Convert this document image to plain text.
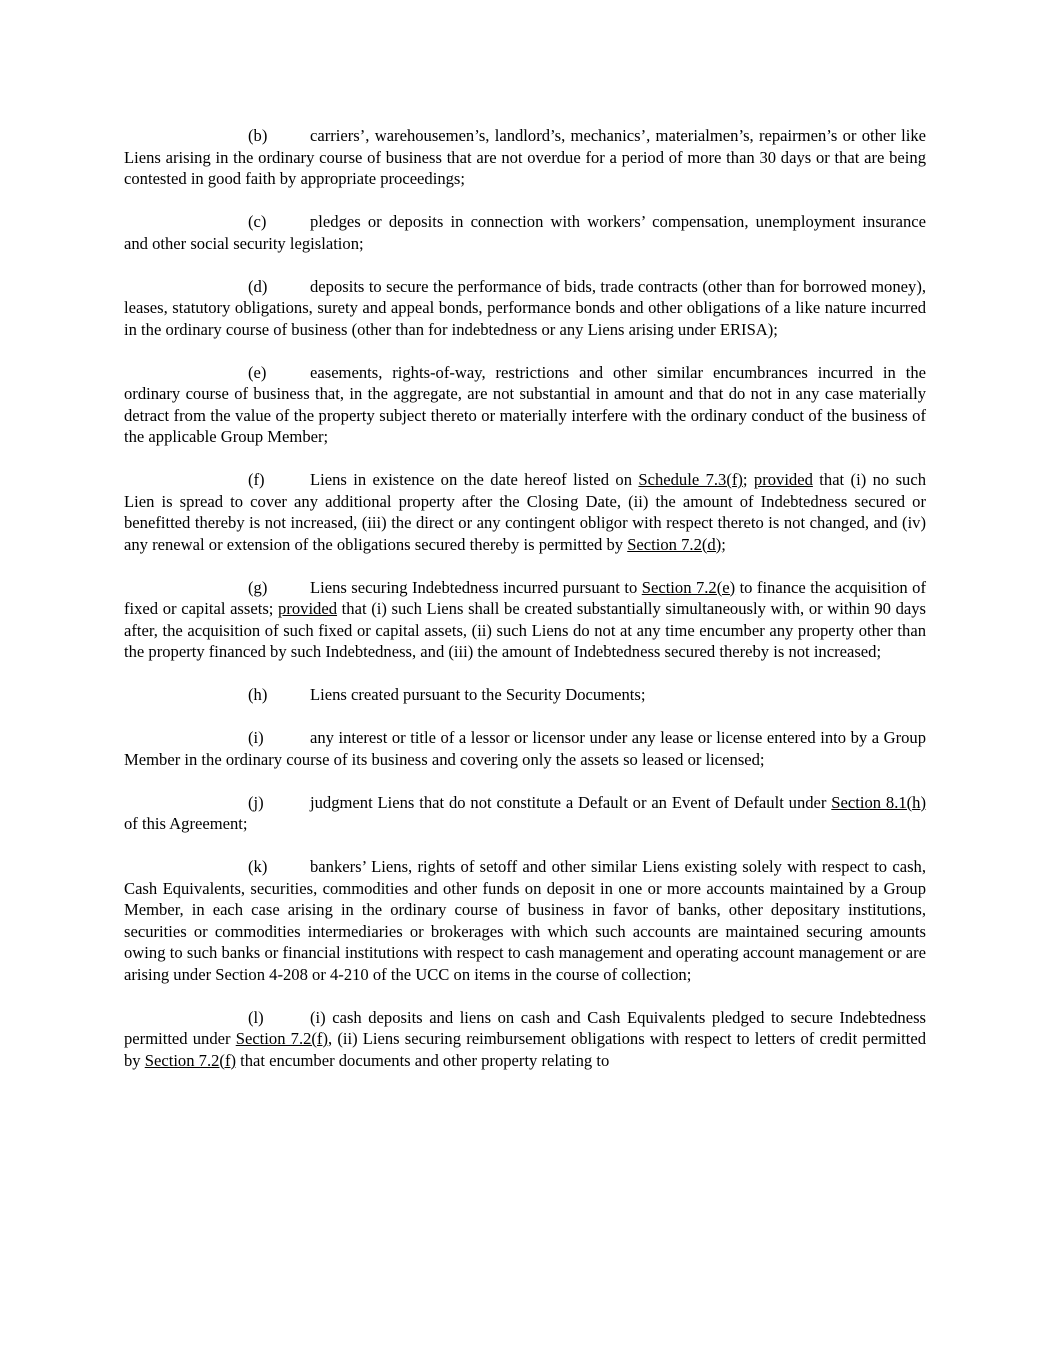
(b)	carriers’, warehousemen’s, landlord’s, mechanics’, materialmen’s, repairmen’s or other like Liens arising in the ordinary course of business that are not overdue for a period of more than 30 days or that are being contested in good faith by appropriate proceedings;

(c)	pledges or deposits in connection with workers’ compensation, unemployment insurance and other social security legislation;

(d)	deposits to secure the performance of bids, trade contracts (other than for borrowed money), leases, statutory obligations, surety and appeal bonds, performance bonds and other obligations of a like nature incurred in the ordinary course of business (other than for indebtedness or any Liens arising under ERISA);

(e)	easements, rights-of-way, restrictions and other similar encumbrances incurred in the ordinary course of business that, in the aggregate, are not substantial in amount and that do not in any case materially detract from the value of the property subject thereto or materially interfere with the ordinary conduct of the business of the applicable Group Member;

(f)	Liens in existence on the date hereof listed on Schedule 7.3(f); provided that (i) no such Lien is spread to cover any additional property after the Closing Date, (ii) the amount of Indebtedness secured or benefitted thereby is not increased, (iii) the direct or any contingent obligor with respect thereto is not changed, and (iv) any renewal or extension of the obligations secured thereby is permitted by Section 7.2(d);

(g)	Liens securing Indebtedness incurred pursuant to Section 7.2(e) to finance the acquisition of fixed or capital assets; provided that (i) such Liens shall be created substantially simultaneously with, or within 90 days after, the acquisition of such fixed or capital assets, (ii) such Liens do not at any time encumber any property other than the property financed by such Indebtedness, and (iii) the amount of Indebtedness secured thereby is not increased;

(h)	Liens created pursuant to the Security Documents;

(i)	any interest or title of a lessor or licensor under any lease or license entered into by a Group Member in the ordinary course of its business and covering only the assets so leased or licensed;

(j)	judgment Liens that do not constitute a Default or an Event of Default under Section 8.1(h) of this Agreement;

(k)	bankers’ Liens, rights of setoff and other similar Liens existing solely with respect to cash, Cash Equivalents, securities, commodities and other funds on deposit in one or more accounts maintained by a Group Member, in each case arising in the ordinary course of business in favor of banks, other depositary institutions, securities or commodities intermediaries or brokerages with which such accounts are maintained securing amounts owing to such banks or financial institutions with respect to cash management and operating account management or are arising under Section 4-208 or 4-210 of the UCC on items in the course of collection;

(l)	(i) cash deposits and liens on cash and Cash Equivalents pledged to secure Indebtedness permitted under Section 7.2(f), (ii) Liens securing reimbursement obligations with respect to letters of credit permitted by Section 7.2(f) that encumber documents and other property relating to
